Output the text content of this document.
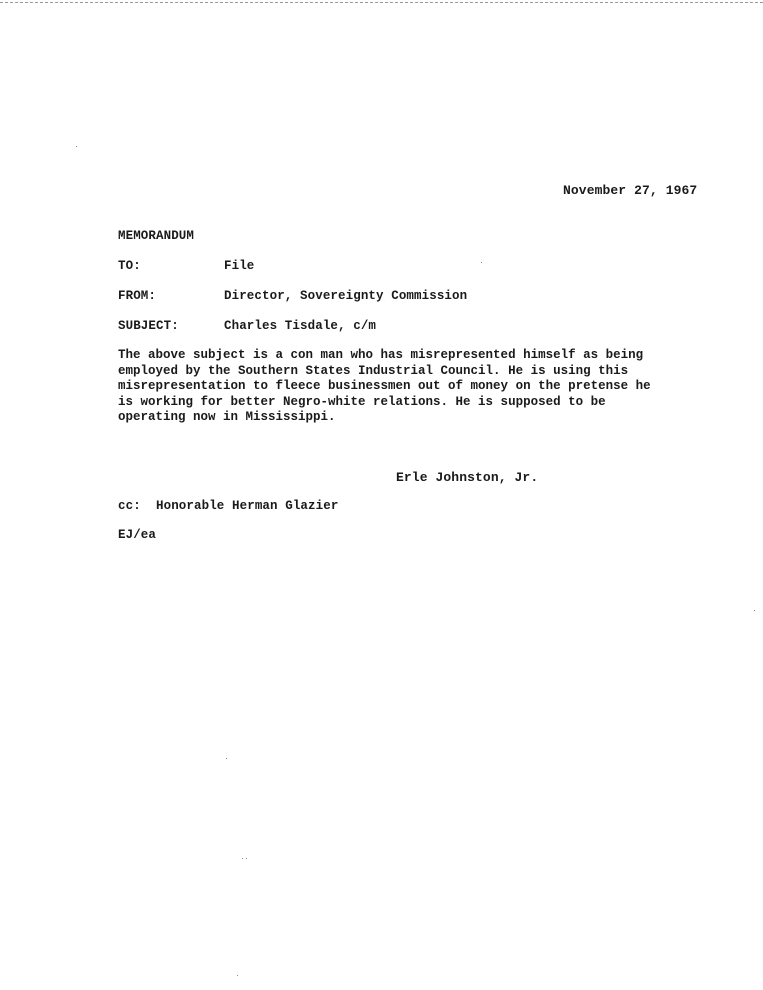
November 27, 1967
MEMORANDUM
TO:	File
FROM:	Director, Sovereignty Commission
SUBJECT:	Charles Tisdale, c/m

The above subject is a con man who has misrepresented himself as being
employed by the Southern States Industrial Council. He is using this
misrepresentation to fleece businessmen out of money on the pretense he
is working for better Negro-white relations. He is supposed to be
operating now in Mississippi.

Erle Johnston, Jr.
cc: Honorable Herman Glazier
EJ/ea
